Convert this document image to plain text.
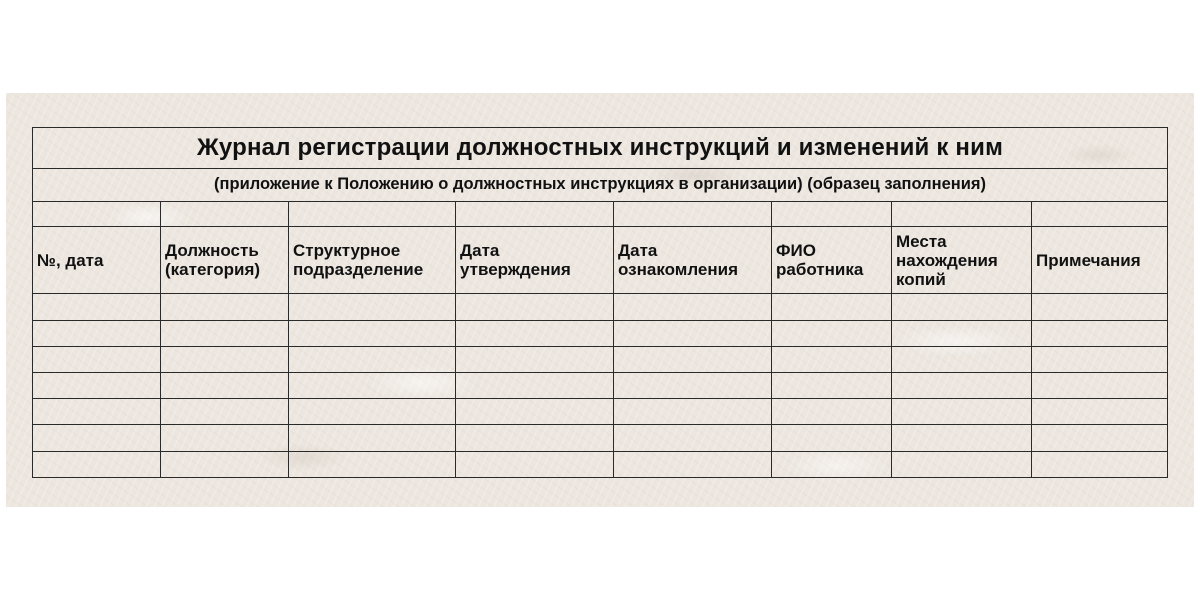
Журнал регистрации должностных инструкций и изменений к ним							
(приложение к Положению о должностных инструкциях в организации) (образец заполнения)							

№, дата	Должность (категория)	Структурное подразделение	Дата утверждения	Дата ознакомления	ФИО работника	Места нахождения копий	Примечания
